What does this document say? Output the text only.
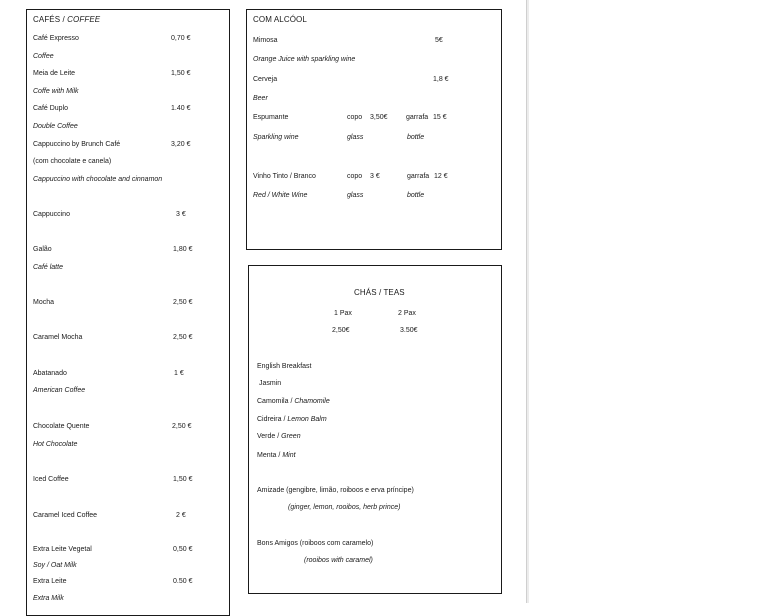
CAFÉS / COFFEE
Café Expresso	0,70 €
Coffee
Meia de Leite	1,50 €
Coffe with Milk
Café Duplo	1.40 €
Double Coffee
Cappuccino by Brunch Café	3,20 €
(com chocolate e canela)
Cappuccino with chocolate and cinnamon
Cappuccino	3 €
Galão	1,80 €
Café latte
Mocha	2,50 €
Caramel Mocha	2,50 €
Abatanado	1 €
American Coffee
Chocolate Quente	2,50 €
Hot Chocolate
Iced Coffee	1,50 €
Caramel Iced Coffee	2 €
Extra Leite Vegetal	0,50 €
Soy / Oat Milk
Extra Leite	0.50 €
Extra Milk
COM ALCÓOL
Mimosa	5€
Orange Juice with sparkling wine
Cerveja	1,8 €
Beer
Espumante	copo 3,50€	garrafa 15 €
Sparkling wine	glass	bottle
Vinho Tinto / Branco	copo 3 €	garrafa 12 €
Red / White Wine	glass	bottle
CHÁS / TEAS
1 Pax	2 Pax
2,50€	3.50€
English Breakfast
Jasmin
Camomila / Chamomile
Cidreira / Lemon Balm
Verde / Green
Menta / Mint
Amizade (gengibre, limão, roiboos e erva príncipe)
(ginger, lemon, rooibos, herb prince)
Bons Amigos (roiboos com caramelo)
(rooibos with caramel)
